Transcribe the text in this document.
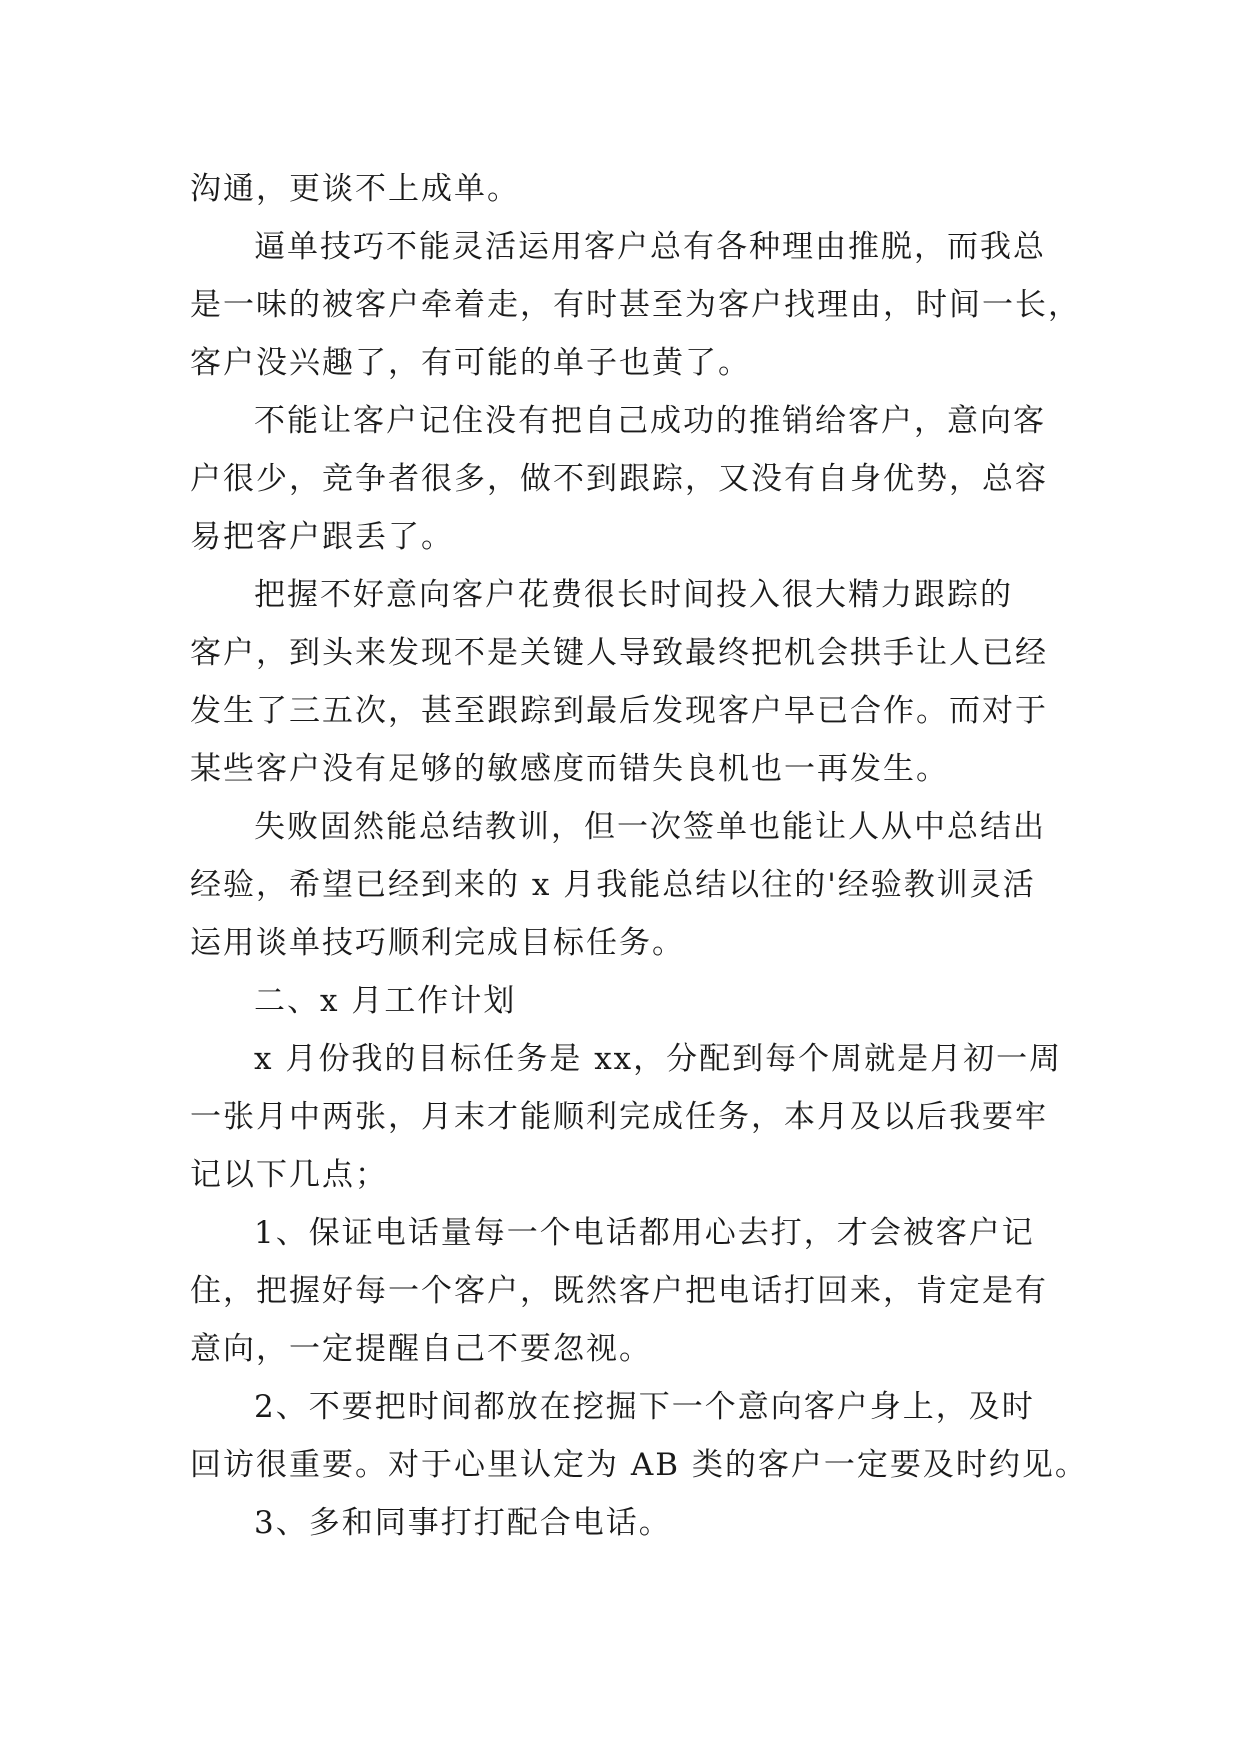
沟通，更谈不上成单。
逼单技巧不能灵活运用客户总有各种理由推脱，而我总
是一味的被客户牵着走，有时甚至为客户找理由，时间一长，
客户没兴趣了，有可能的单子也黄了。
不能让客户记住没有把自己成功的推销给客户，意向客
户很少，竞争者很多，做不到跟踪，又没有自身优势，总容
易把客户跟丢了。
把握不好意向客户花费很长时间投入很大精力跟踪的
客户，到头来发现不是关键人导致最终把机会拱手让人已经
发生了三五次，甚至跟踪到最后发现客户早已合作。而对于
某些客户没有足够的敏感度而错失良机也一再发生。
失败固然能总结教训，但一次签单也能让人从中总结出
经验，希望已经到来的 x 月我能总结以往的'经验教训灵活
运用谈单技巧顺利完成目标任务。
二、x 月工作计划
x 月份我的目标任务是 xx，分配到每个周就是月初一周
一张月中两张，月末才能顺利完成任务，本月及以后我要牢
记以下几点；
1、保证电话量每一个电话都用心去打，才会被客户记
住，把握好每一个客户，既然客户把电话打回来，肯定是有
意向，一定提醒自己不要忽视。
2、不要把时间都放在挖掘下一个意向客户身上，及时
回访很重要。对于心里认定为 AB 类的客户一定要及时约见。
3、多和同事打打配合电话。
